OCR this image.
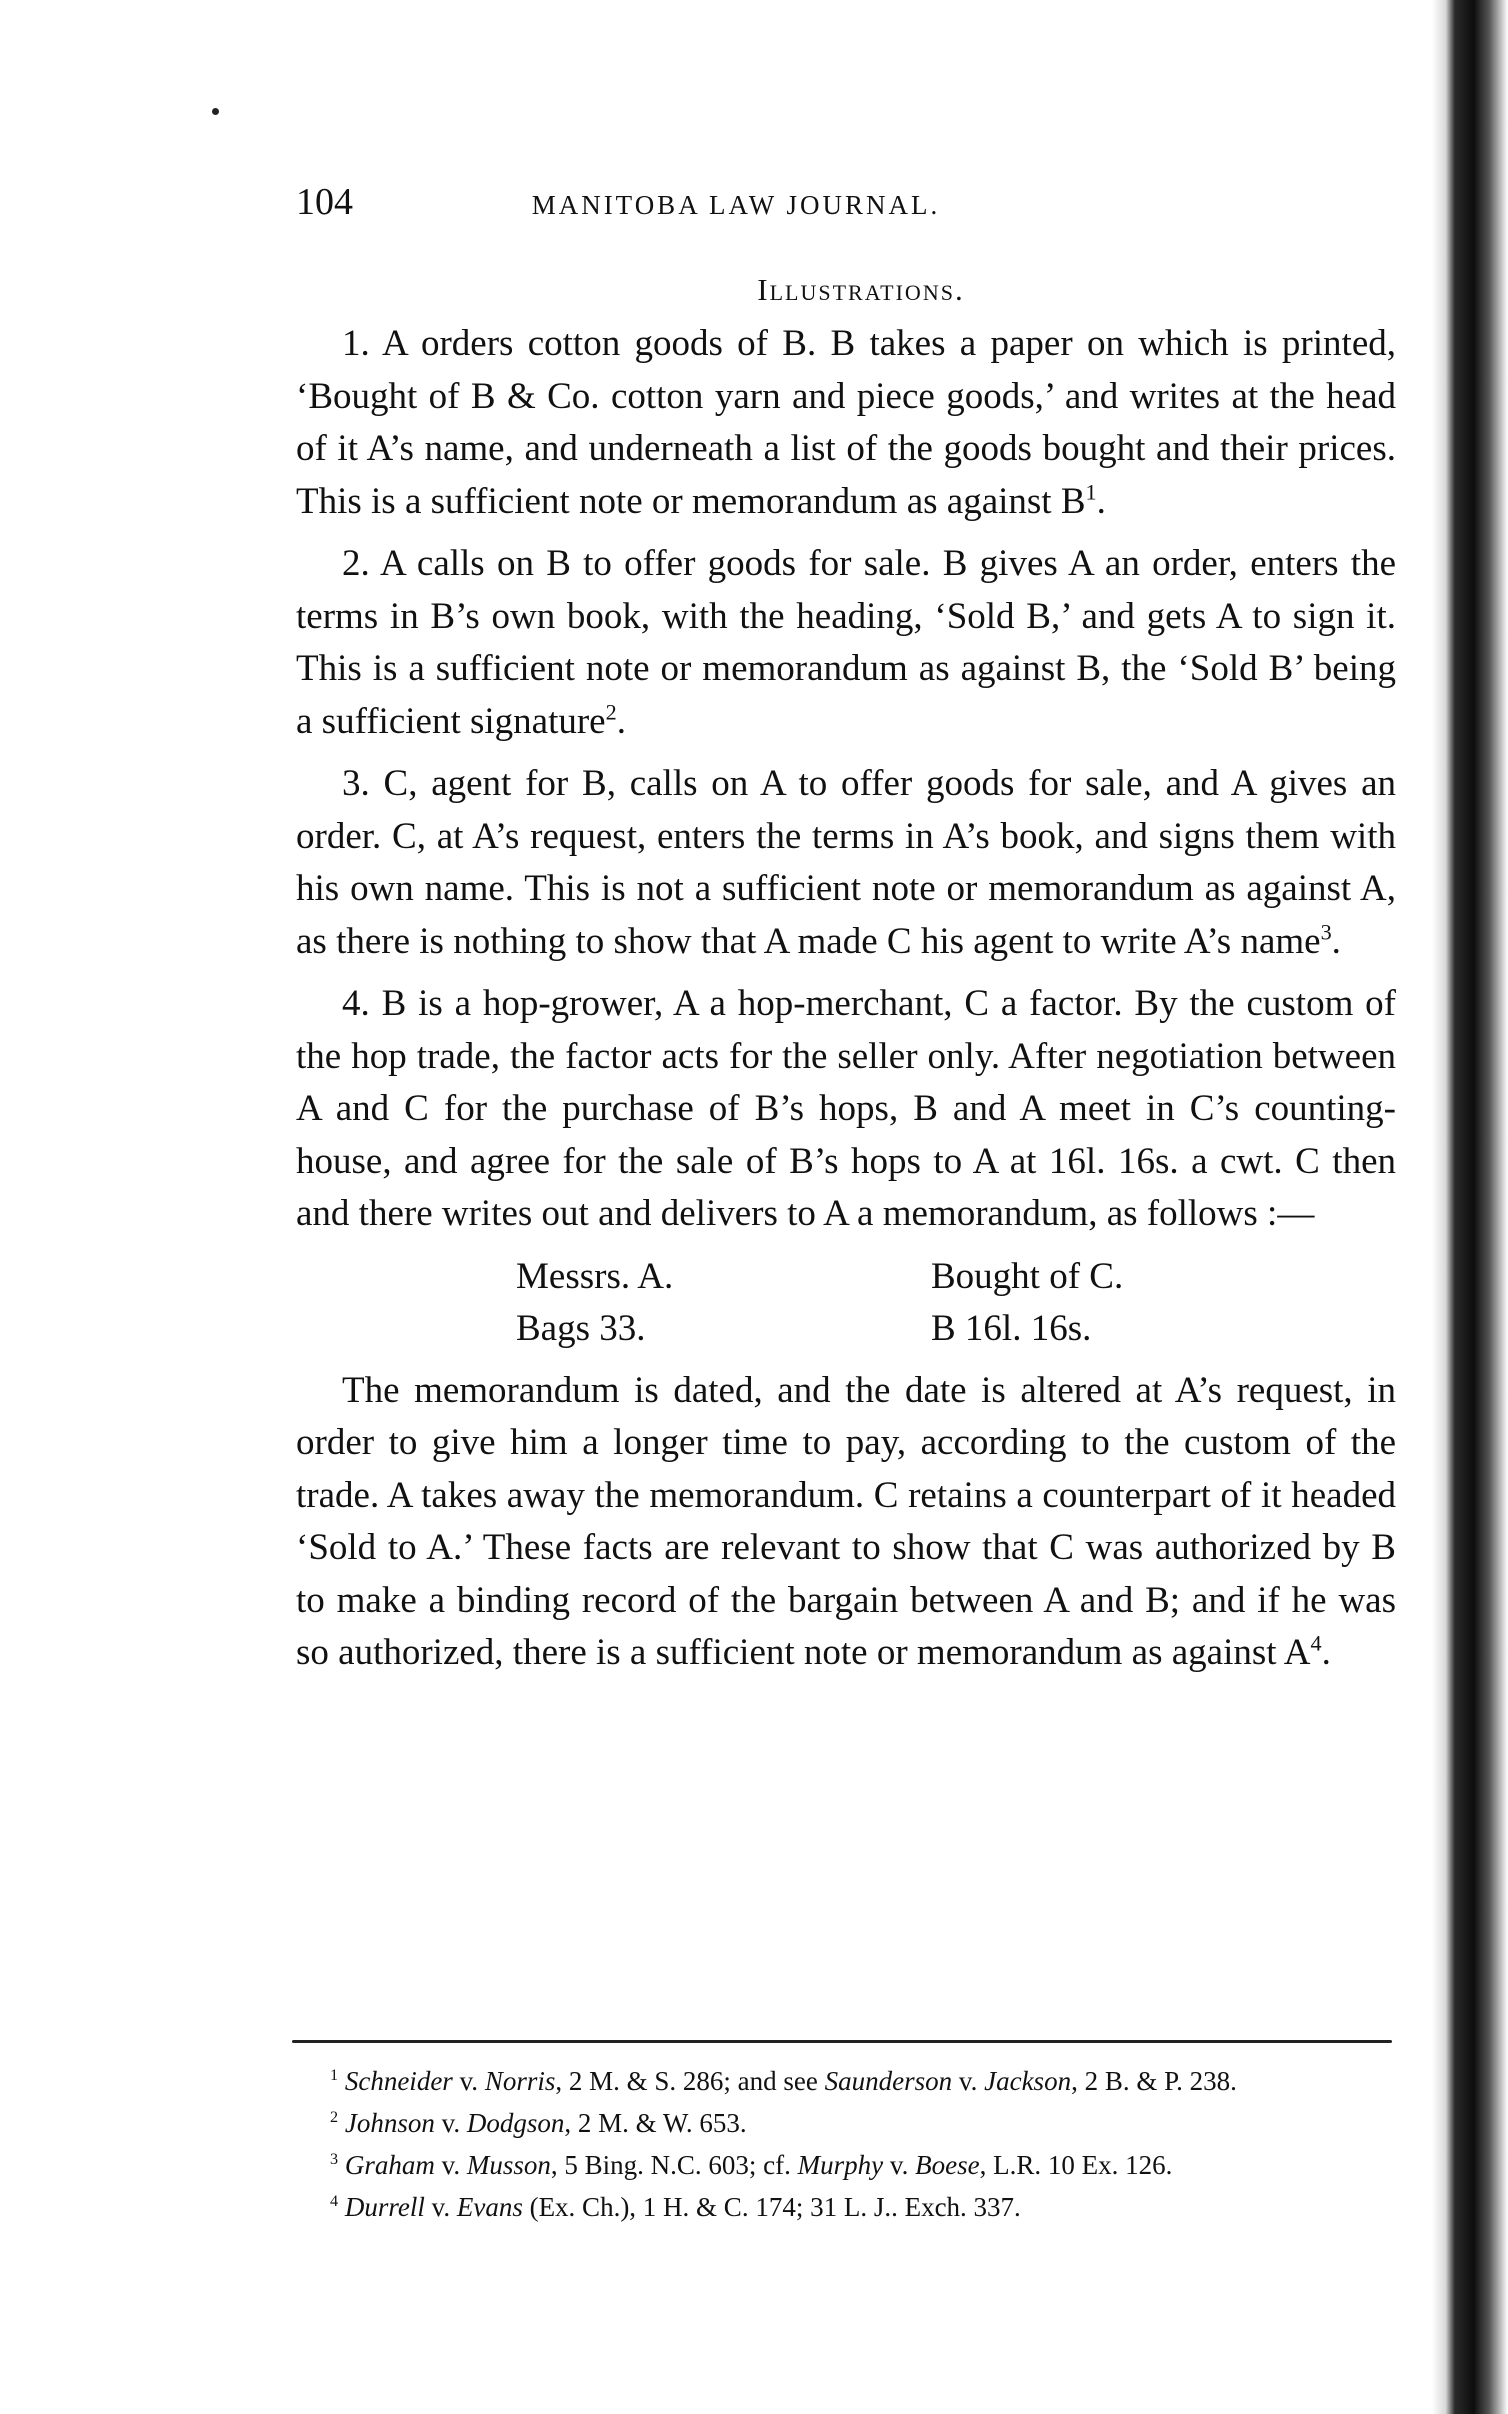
104	MANITOBA LAW JOURNAL.
Illustrations.

1. A orders cotton goods of B. B takes a paper on which is printed, ‘Bought of B & Co. cotton yarn and piece goods,’ and writes at the head of it A’s name, and underneath a list of the goods bought and their prices. This is a sufficient note or memorandum as against $B^1$.

2. A calls on B to offer goods for sale. B gives A an order, enters the terms in B’s own book, with the heading, ‘Sold B,’ and gets A to sign it. This is a sufficient note or memorandum as against B, the ‘Sold B’ being a sufficient signature$^2$.

3. C, agent for B, calls on A to offer goods for sale, and A gives an order. C, at A’s request, enters the terms in A’s book, and signs them with his own name. This is not a sufficient note or memorandum as against A, as there is nothing to show that A made C his agent to write A’s name$^3$.

4. B is a hop-grower, A a hop-merchant, C a factor. By the custom of the hop trade, the factor acts for the seller only. After negotiation between A and C for the purchase of B’s hops, B and A meet in C’s counting-house, and agree for the sale of B’s hops to A at 16l. 16s. a cwt. C then and there writes out and delivers to A a memorandum, as follows :—

Messrs. A.	Bought of C.
Bags 33.	B 16l. 16s.

The memorandum is dated, and the date is altered at A’s request, in order to give him a longer time to pay, according to the custom of the trade. A takes away the memorandum. C retains a counterpart of it headed ‘Sold to A.’ These facts are relevant to show that C was authorized by B to make a binding record of the bargain between A and B; and if he was so authorized, there is a sufficient note or memorandum as against $A^4$.

$^1$ Schneider v. Norris, 2 M. & S. 286; and see Saunderson v. Jackson, 2 B. & P. 238.

$^2$ Johnson v. Dodgson, 2 M. & W. 653.

$^3$ Graham v. Musson, 5 Bing. N.C. 603; cf. Murphy v. Boese, L.R. 10 Ex. 126.

$^4$ Durrell v. Evans (Ex. Ch.), 1 H. & C. 174; 31 L. J.. Exch. 337.
